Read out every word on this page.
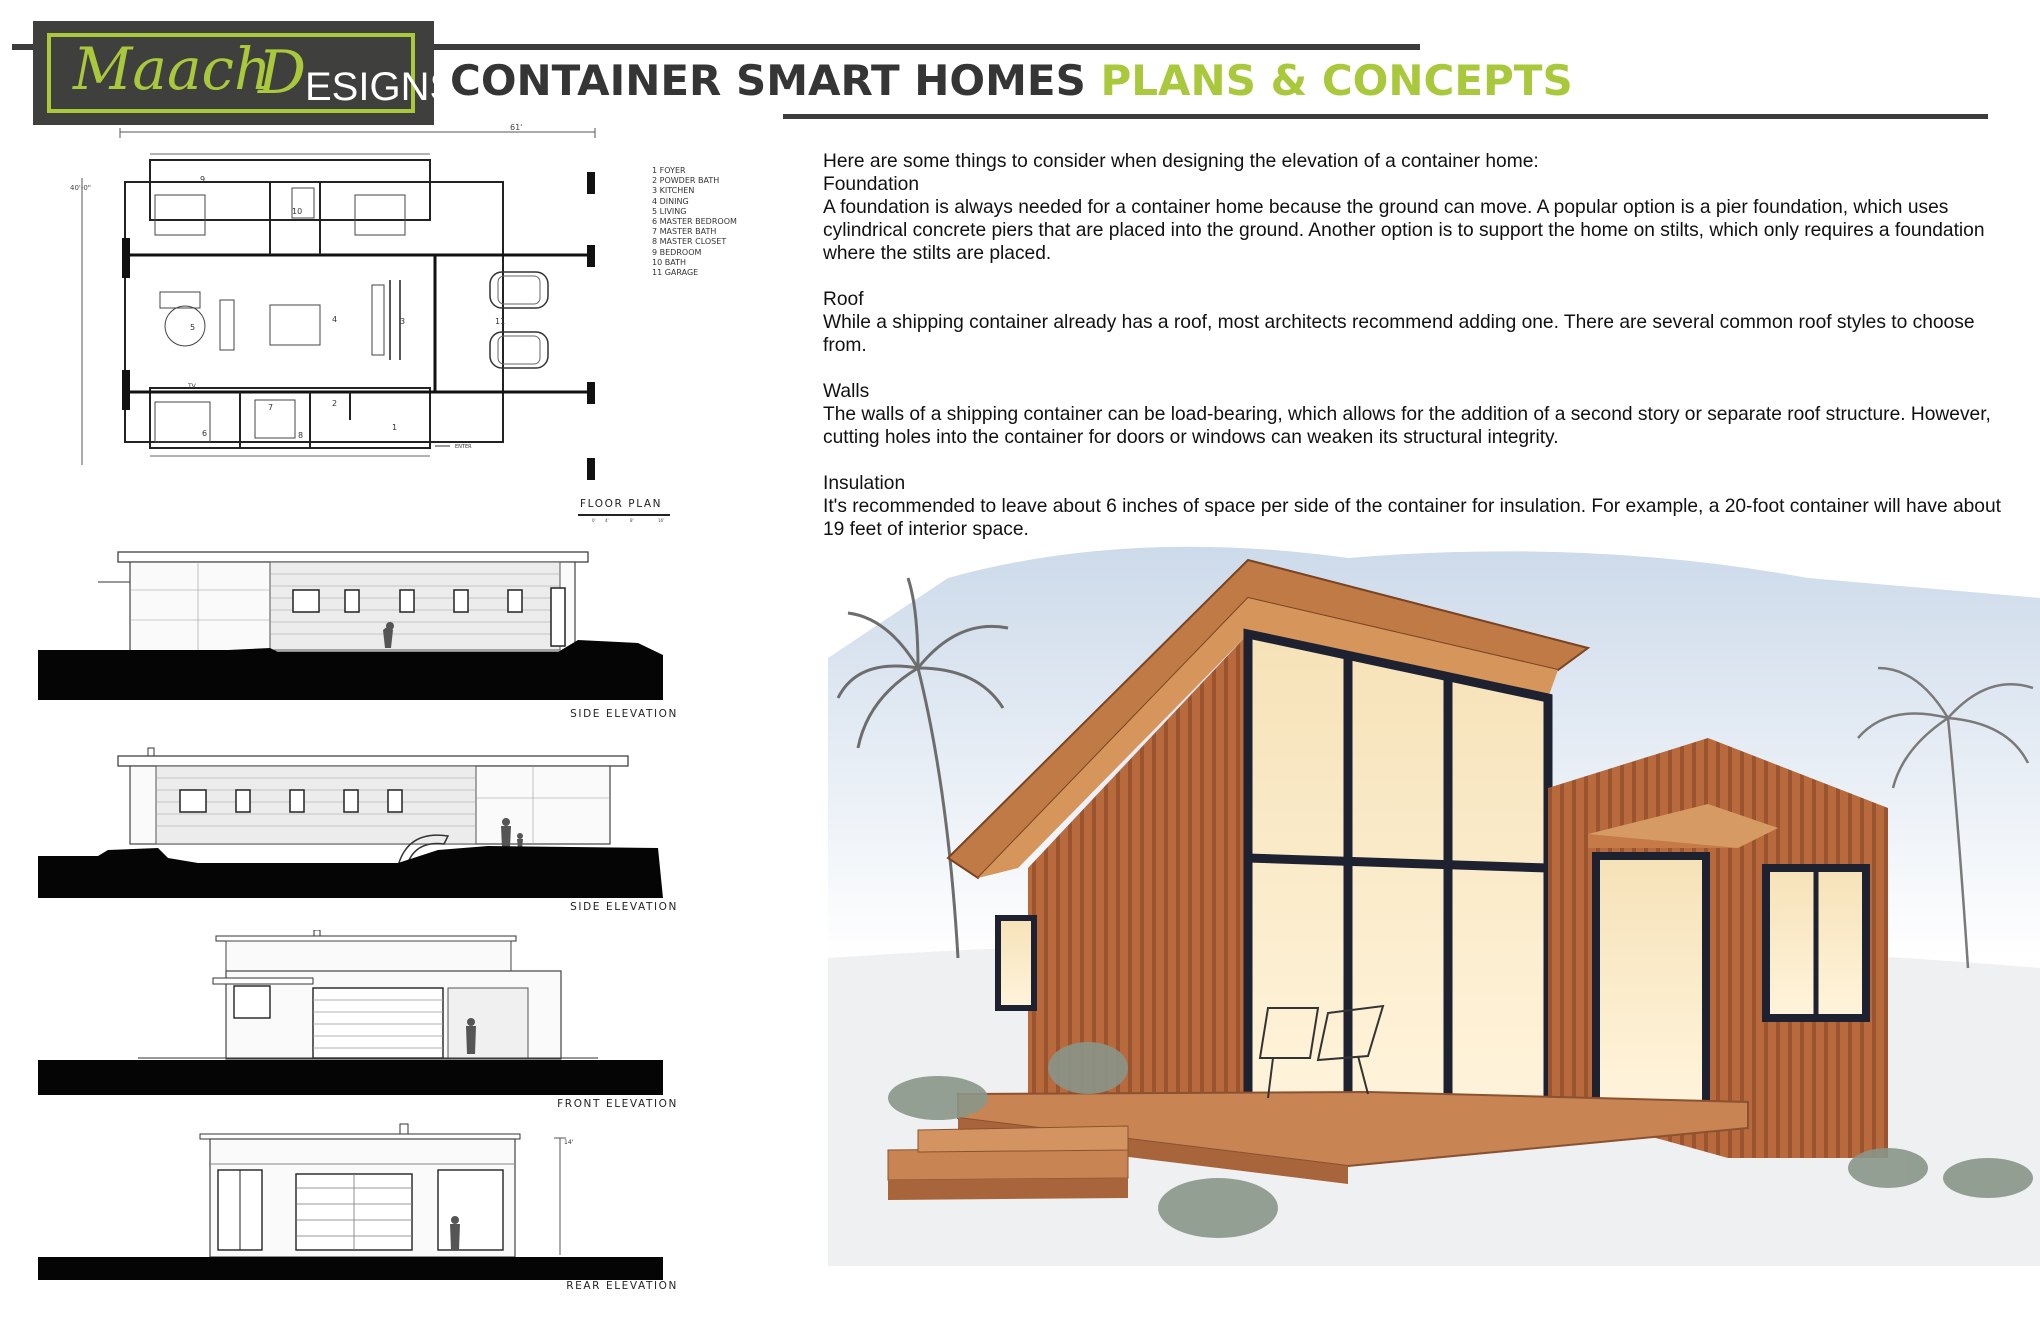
Maach
D
ESIGNS
CONTAINER SMART HOMES PLANS & CONCEPTS

Here are some things to consider when designing the elevation of a container home:

Foundation

A foundation is always needed for a container home because the ground can move. A popular option is a pier foundation, which uses cylindrical concrete piers that are placed into the ground. Another option is to support the home on stilts, which only requires a foundation where the stilts are placed.

Roof

While a shipping container already has a roof, most architects recommend adding one. There are several common roof styles to choose from.

Walls

The walls of a shipping container can be load-bearing, which allows for the addition of a second story or separate roof structure. However, cutting holes into the container for doors or windows can weaken its structural integrity.

Insulation

It's recommended to leave about 6 inches of space per side of the container for insulation. For example, a 20-foot container will have about 19 feet of interior space.

61'
40'-0"
1
2
3
4
5
6
7
8
9
10
11
TV
ENTER
FLOOR PLAN
0' 4'	8'	16'
1 FOYER
2 POWDER BATH
3 KITCHEN
4 DINING
5 LIVING
6 MASTER BEDROOM
7 MASTER BATH
8 MASTER CLOSET
9 BEDROOM
10 BATH
11 GARAGE
SIDE ELEVATION
SIDE ELEVATION
FRONT ELEVATION
14'
REAR ELEVATION
